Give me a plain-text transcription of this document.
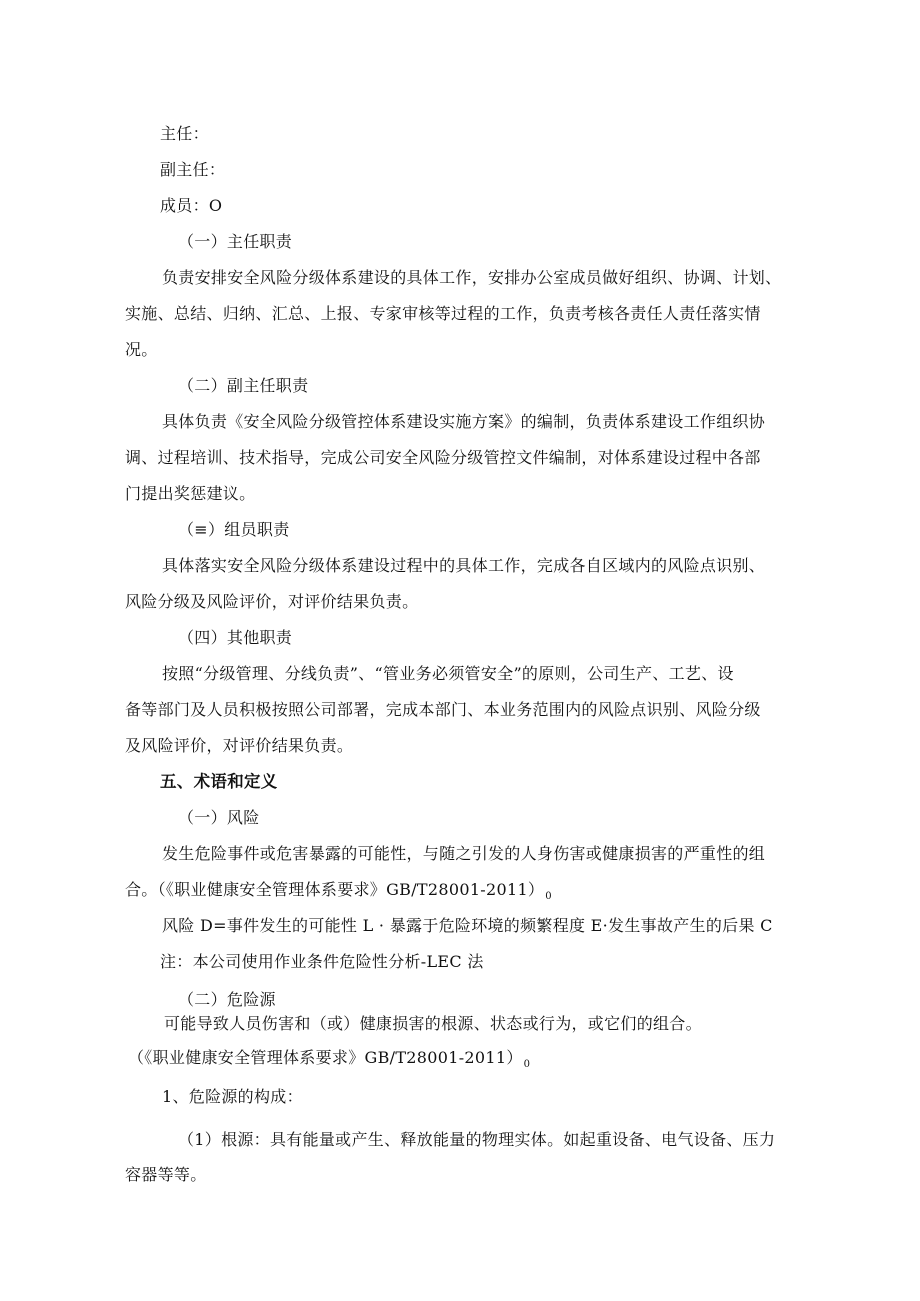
主任：
副主任：
成员：O
（一）主任职责
负责安排安全风险分级体系建设的具体工作，安排办公室成员做好组织、协调、计划、
实施、总结、归纳、汇总、上报、专家审核等过程的工作，负责考核各责任人责任落实情
况。
（二）副主任职责
具体负责《安全风险分级管控体系建设实施方案》的编制，负责体系建设工作组织协
调、过程培训、技术指导，完成公司安全风险分级管控文件编制，对体系建设过程中各部
门提出奖惩建议。
（≡）组员职责
具体落实安全风险分级体系建设过程中的具体工作，完成各自区域内的风险点识别、
风险分级及风险评价，对评价结果负责。
（四）其他职责
按照“分级管理、分线负责”、“管业务必须管安全”的原则，公司生产、工艺、设
备等部门及人员积极按照公司部署，完成本部门、本业务范围内的风险点识别、风险分级
及风险评价，对评价结果负责。
五、术语和定义
（一）风险
发生危险事件或危害暴露的可能性，与随之引发的人身伤害或健康损害的严重性的组
合。（《职业健康安全管理体系要求》$GB∕T28001-2011)_0$
风险 D=事件发生的可能性 L · 暴露于危险环境的频繁程度 E·发生事故产生的后果 C
注：本公司使用作业条件危险性分析-LEC 法
（二）危险源
可能导致人员伤害和（或）健康损害的根源、状态或行为，或它们的组合。
（《职业健康安全管理体系要求》$GB∕T28001-2011)_0$
1、危险源的构成：
（1）根源：具有能量或产生、释放能量的物理实体。如起重设备、电气设备、压力
容器等等。
